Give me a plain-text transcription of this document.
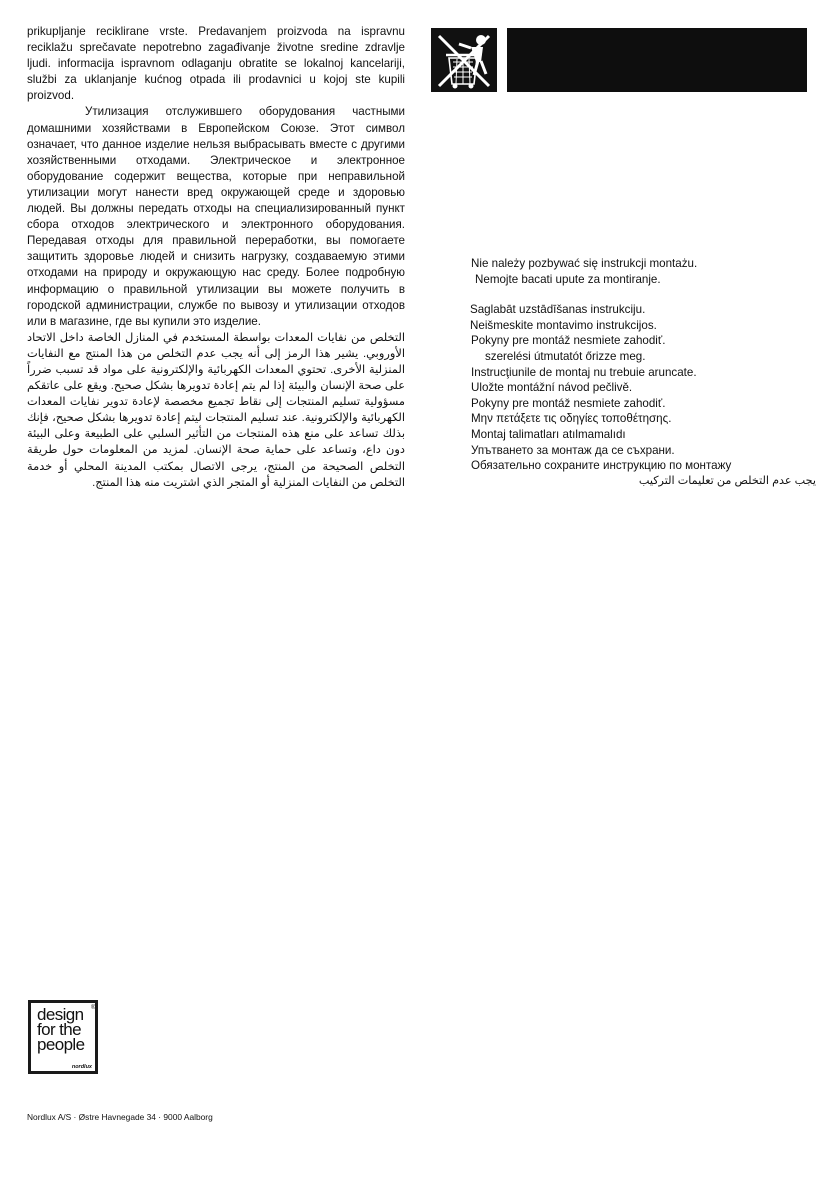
prikupljanje reciklirane vrste. Predavanjem proizvoda na ispravnu reciklažu sprečavate nepotrebno zagađivanje životne sredine zdravlje ljudi. informacija ispravnom odlaganju obratite se lokalnoj kancelariji, službi za uklanjanje kućnog otpada ili prodavnici u kojoj ste kupili proizvod.

Утилизация отслужившего оборудования частными домашними хозяйствами в Европейском Союзе. Этот символ означает, что данное изделие нельзя выбрасывать вместе с другими хозяйственными отходами. Электрическое и электронное оборудование содержит вещества, которые при неправильной утилизации могут нанести вред окружающей среде и здоровью людей. Вы должны передать отходы на специализированный пункт сбора отходов электрического и электронного оборудования. Передавая отходы для правильной переработки, вы помогаете защитить здоровье людей и снизить нагрузку, создаваемую этими отходами на природу и окружающую нас среду. Более подробную информацию о правильной утилизации вы можете получить в городской администрации, службе по вывозу и утилизации отходов или в магазине, где вы купили это изделие.

التخلص من نفايات المعدات بواسطة المستخدم في المنازل الخاصة داخل الاتحاد الأوروبي. يشير هذا الرمز إلى أنه يجب عدم التخلص من هذا المنتج مع النفايات المنزلية الأخرى. تحتوي المعدات الكهربائية والإلكترونية على مواد قد تسبب ضرراً على صحة الإنسان والبيئة إذا لم يتم إعادة تدويرها بشكل صحيح. ويقع على عاتقكم مسؤولية تسليم المنتجات إلى نقاط تجميع مخصصة لإعادة تدوير نفايات المعدات الكهربائية والإلكترونية. عند تسليم المنتجات ليتم إعادة تدويرها بشكل صحيح، فإنك بذلك تساعد على منع هذه المنتجات من التأثير السلبي على الطبيعة وعلى البيئة دون داع، وتساعد على حماية صحة الإنسان. لمزيد من المعلومات حول طريقة التخلص الصحيحة من المنتج، يرجى الاتصال بمكتب المدينة المحلي أو خدمة التخلص من النفايات المنزلية أو المتجر الذي اشتريت منه هذا المنتج.

Nie należy pozbywać się instrukcji montażu.
Nemojte bacati upute za montiranje.
Saglabāt uzstādīšanas instrukciju.
Neišmeskite montavimo instrukcijos.
Pokyny pre montáž nesmiete zahodiť.
szerelési útmutatót őrizze meg.
Instrucţiunile de montaj nu trebuie aruncate.
Uložte montážní návod pečlivě.
Pokyny pre montáž nesmiete zahodiť.
Μην πετάξετε τις οδηγίες τοποθέτησης.
Montaj talimatları atılmamalıdı
Упътването за монтаж да се съхрани.
Обязательно сохраните инструкцию по монтажу
يجب عدم التخلص من تعليمات التركيب
design
for the
people
®
nordlux
Nordlux A/S · Østre Havnegade 34 · 9000 Aalborg
